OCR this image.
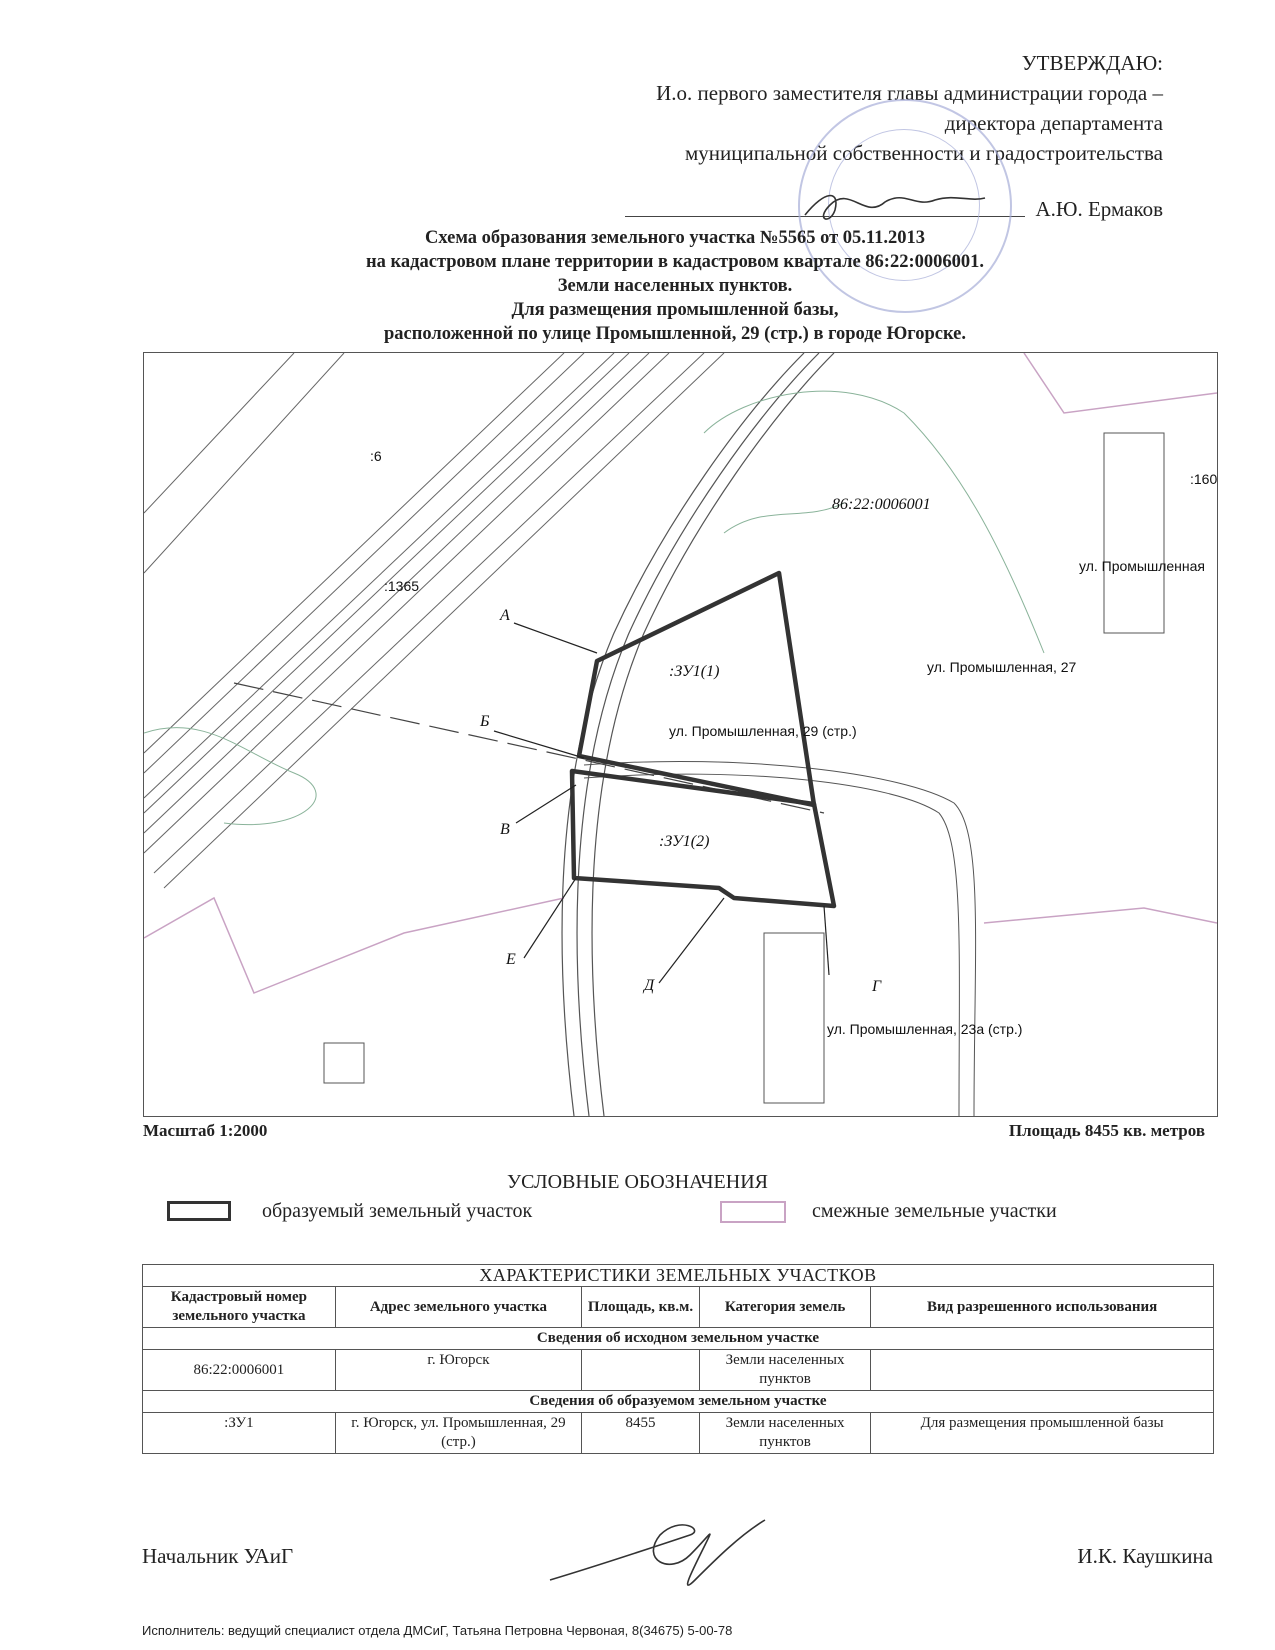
УТВЕРЖДАЮ:
И.о. первого заместителя главы администрации города –
директора департамента
муниципальной собственности и градостроительства
А.Ю. Ермаков
Схема образования земельного участка №5565 от 05.11.2013
на кадастровом плане территории в кадастровом квартале 86:22:0006001.
Земли населенных пунктов.
Для размещения промышленной базы,
расположенной по улице Промышленной, 29 (стр.) в городе Югорске.
86:22:0006001
:6
:1365
:160
:ЗУ1(1)
:ЗУ1(2)
ул. Промышленная, 29 (стр.)
ул. Промышленная, 27
ул. Промышленная, 23а (стр.)
ул. Промышленная
А
Б
В
Г
Д
Е
Масштаб 1:2000	Площадь 8455 кв. метров
УСЛОВНЫЕ ОБОЗНАЧЕНИЯ
образуемый земельный участок	смежные земельные участки
ХАРАКТЕРИСТИКИ ЗЕМЕЛЬНЫХ УЧАСТКОВ				
Кадастровый номер земельного участка	Адрес земельного участка	Площадь, кв.м.	Категория земель	Вид разрешенного использования
Сведения об исходном земельном участке				
86:22:0006001	г. Югорск		Земли населенных пунктов	
Сведения об образуемом земельном участке				
:ЗУ1	г. Югорск, ул. Промышленная, 29 (стр.)	8455	Земли населенных пунктов	Для размещения промышленной базы
Начальник УАиГ	И.К. Каушкина
Исполнитель: ведущий специалист отдела ДМСиГ, Татьяна Петровна Червоная, 8(34675) 5-00-78
